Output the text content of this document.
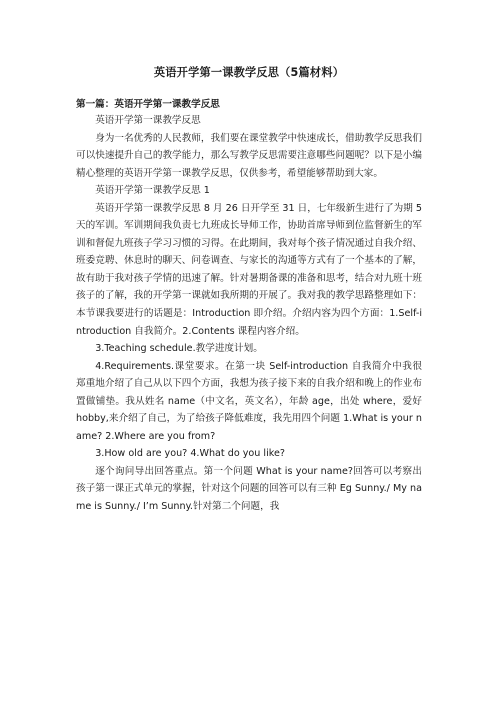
英语开学第一课教学反思（5篇材料）
第一篇：英语开学第一课教学反思

英语开学第一课教学反思

身为一名优秀的人民教师，我们要在课堂教学中快速成长，借助教学反思我们可以快速提升自己的教学能力，那么写教学反思需要注意哪些问题呢？以下是小编精心整理的英语开学第一课教学反思，仅供参考，希望能够帮助到大家。

英语开学第一课教学反思 1

英语开学第一课教学反思 8 月 26 日开学至 31 日，七年级新生进行了为期 5 天的军训。军训期间我负责七九班成长导师工作，协助首席导师到位监督新生的军训和督促九班孩子学习习惯的习得。在此期间，我对每个孩子情况通过自我介绍、班委竞聘、休息时的聊天、问卷调查、与家长的沟通等方式有了一个基本的了解，故有助于我对孩子学情的迅速了解。针对暑期备课的准备和思考，结合对九班十班孩子的了解，我的开学第一课就如我所期的开展了。我对我的教学思路整理如下：本节课我要进行的话题是：Introduction 即介绍。介绍内容为四个方面：1.Self-introduction 自我简介。2.Contents 课程内容介绍。

3.Teaching schedule.教学进度计划。

4.Requirements.课堂要求。在第一块 Self-introduction 自我简介中我很郑重地介绍了自己从以下四个方面，我想为孩子接下来的自我介绍和晚上的作业布置做铺垫。我从姓名 name（中文名，英文名），年龄 age，出处 where，爱好 hobby,来介绍了自己，为了给孩子降低难度，我先用四个问题 1.What is your name? 2.Where are you from?

3.How old are you? 4.What do you like?

逐个询问导出回答重点。第一个问题 What is your name?回答可以考察出孩子第一课正式单元的掌握，针对这个问题的回答可以有三种 Eg Sunny./ My name is Sunny./ I’m Sunny.针对第二个问题，我
